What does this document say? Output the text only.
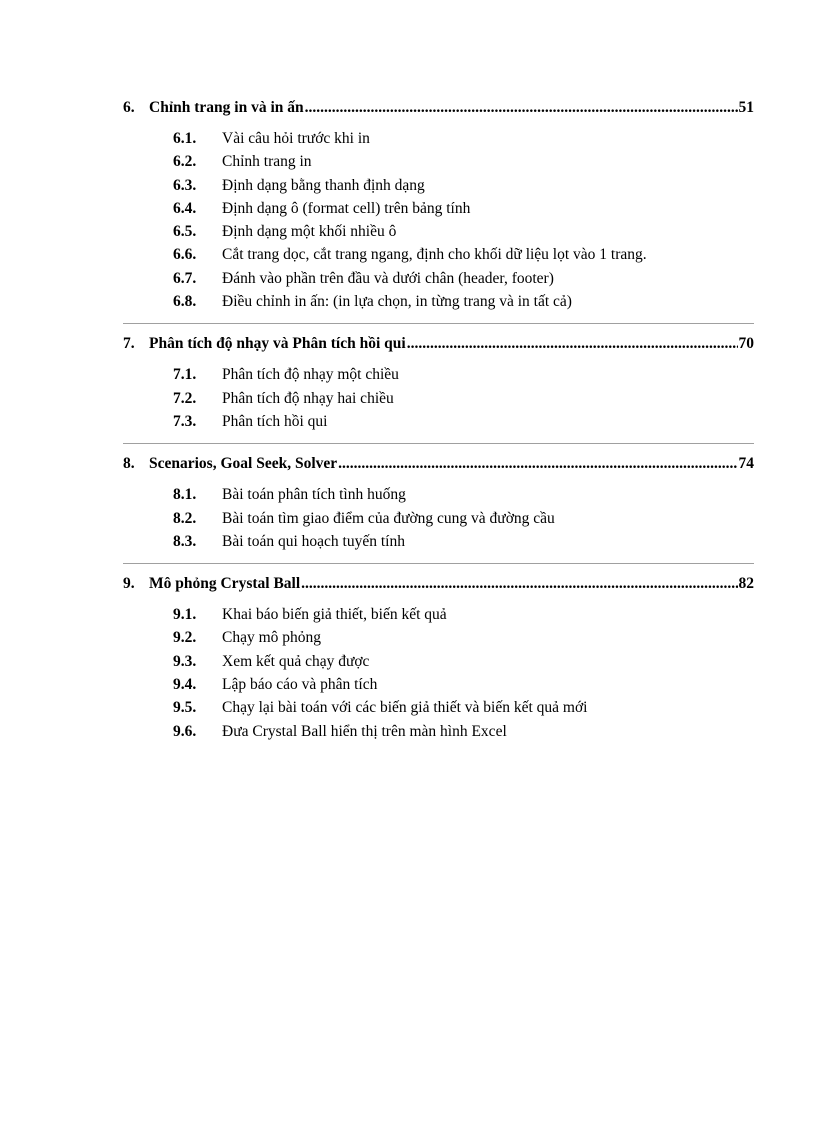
6. Chỉnh trang in và in ấn .....	51
6.1.	Vài câu hỏi trước khi in
6.2.	Chỉnh trang in
6.3.	Định dạng bằng thanh định dạng
6.4.	Định dạng ô (format cell) trên bảng tính
6.5.	Định dạng một khối nhiều ô
6.6.	Cắt trang dọc, cắt trang ngang, định cho khối dữ liệu lọt vào 1 trang.
6.7.	Đánh vào phần trên đầu và dưới chân (header, footer)
6.8.	Điều chỉnh in ấn: (in lựa chọn, in từng trang và in tất cả)
7. Phân tích độ nhạy và Phân tích hồi qui .....	70
7.1.	Phân tích độ nhạy một chiều
7.2.	Phân tích độ nhạy hai chiều
7.3.	Phân tích hồi qui
8. Scenarios, Goal Seek, Solver .....	74
8.1.	Bài toán phân tích tình huống
8.2.	Bài toán tìm giao điểm của đường cung và đường cầu
8.3.	Bài toán qui hoạch tuyến tính
9. Mô phỏng Crystal Ball .....	82
9.1.	Khai báo biến giả thiết, biến kết quả
9.2.	Chạy mô phỏng
9.3.	Xem kết quả chạy được
9.4.	Lập báo cáo và phân tích
9.5.	Chạy lại bài toán với các biến giả thiết và biến kết quả mới
9.6.	Đưa Crystal Ball hiển thị trên màn hình Excel
